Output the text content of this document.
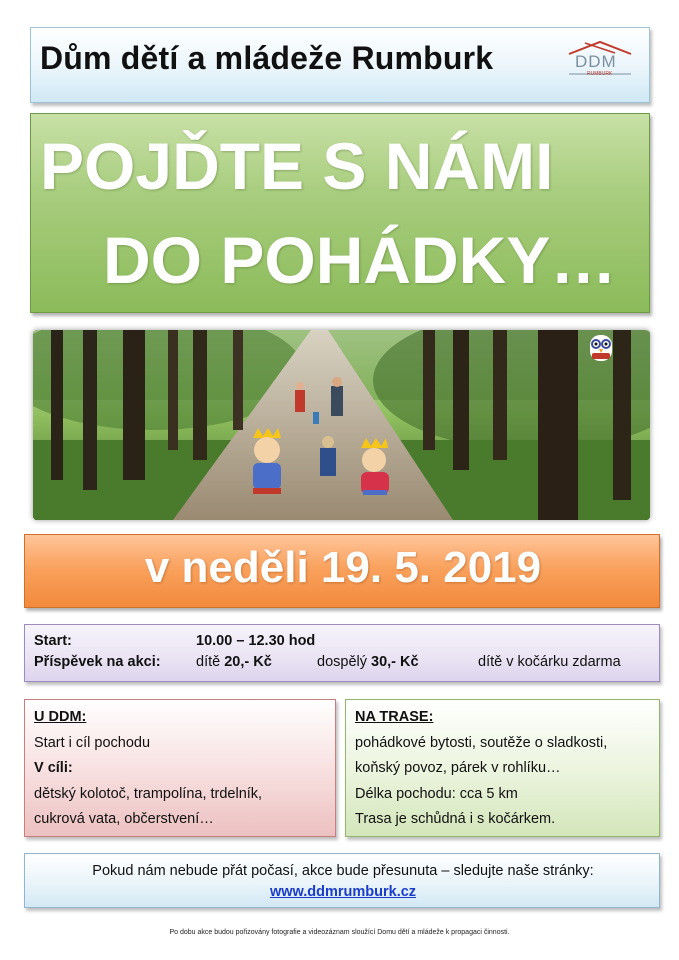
Dům dětí a mládeže Rumburk	DDM
RUMBURK
POJĎTE S NÁMI
DO POHÁDKY…
v neděli 19. 5. 2019
Start:	10.00 – 12.30 hod
Příspěvek na akci: dítě 20,- Kč	dospělý 30,- Kč	dítě v kočárku zdarma
U DDM:
Start i cíl pochodu
V cíli:
dětský kolotoč, trampolína, trdelník,
cukrová vata, občerstvení…
NA TRASE:
pohádkové bytosti, soutěže o sladkosti,
koňský povoz, párek v rohlíku…
Délka pochodu: cca 5 km
Trasa je schůdná i s kočárkem.
Pokud nám nebude přát počasí, akce bude přesunuta – sledujte naše stránky:
www.ddmrumburk.cz
Po dobu akce budou pořizovány fotografie a videozáznam sloužící Domu dětí a mládeže k propagaci činnosti.
